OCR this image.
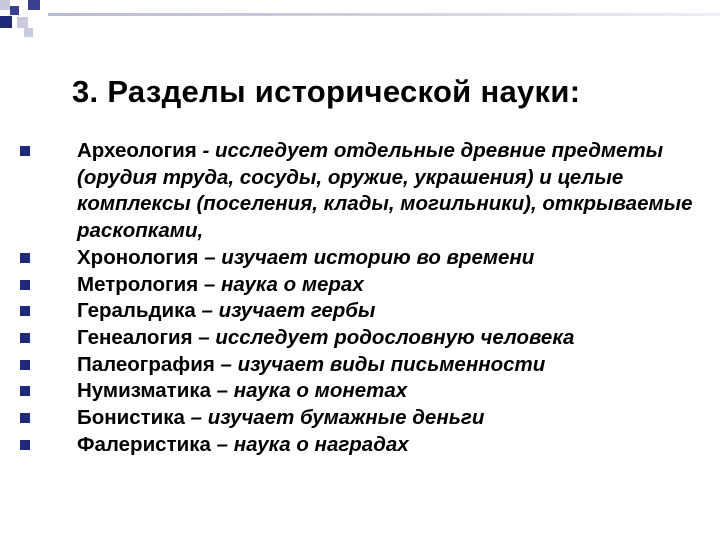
3. Разделы исторической науки:
Археология - исследует отдельные древние предметы (орудия труда, сосуды, оружие, украшения) и целые комплексы (поселения, клады, могильники), открываемые раскопками,
Хронология – изучает историю во времени
Метрология – наука о мерах
Геральдика – изучает гербы
Генеалогия – исследует родословную человека
Палеография – изучает виды письменности
Нумизматика – наука о монетах
Бонистика – изучает бумажные деньги
Фалеристика – наука о наградах
